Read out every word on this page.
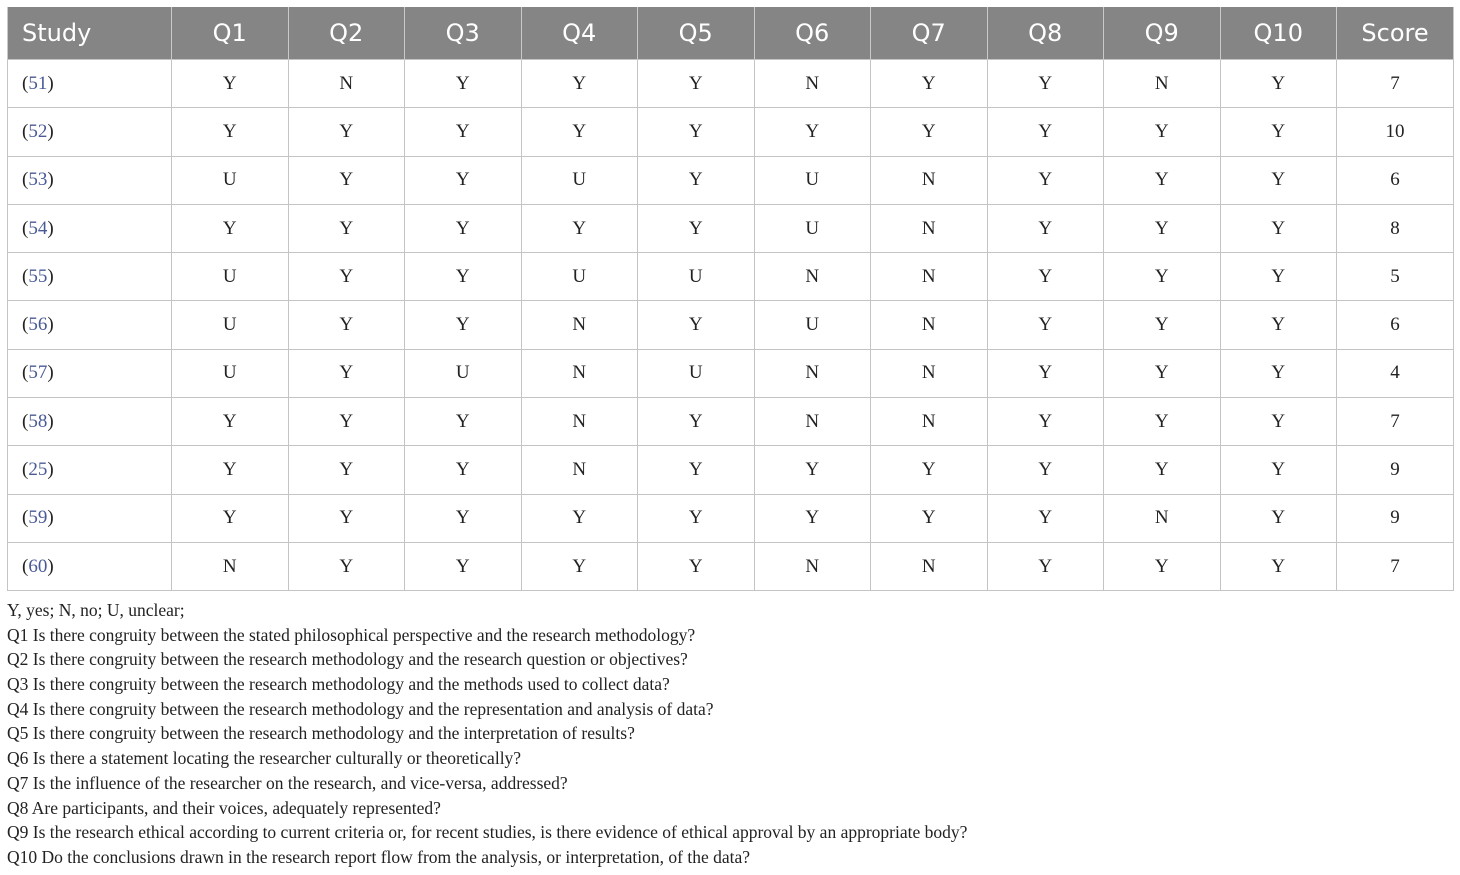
Study	Q1	Q2	Q3	Q4	Q5	Q6	Q7	Q8	Q9	Q10	Score
(51)	Y	N	Y	Y	Y	N	Y	Y	N	Y	7
(52)	Y	Y	Y	Y	Y	Y	Y	Y	Y	Y	10
(53)	U	Y	Y	U	Y	U	N	Y	Y	Y	6
(54)	Y	Y	Y	Y	Y	U	N	Y	Y	Y	8
(55)	U	Y	Y	U	U	N	N	Y	Y	Y	5
(56)	U	Y	Y	N	Y	U	N	Y	Y	Y	6
(57)	U	Y	U	N	U	N	N	Y	Y	Y	4
(58)	Y	Y	Y	N	Y	N	N	Y	Y	Y	7
(25)	Y	Y	Y	N	Y	Y	Y	Y	Y	Y	9
(59)	Y	Y	Y	Y	Y	Y	Y	Y	N	Y	9
(60)	N	Y	Y	Y	Y	N	N	Y	Y	Y	7
Y, yes; N, no; U, unclear;
Q1 Is there congruity between the stated philosophical perspective and the research methodology?
Q2 Is there congruity between the research methodology and the research question or objectives?
Q3 Is there congruity between the research methodology and the methods used to collect data?
Q4 Is there congruity between the research methodology and the representation and analysis of data?
Q5 Is there congruity between the research methodology and the interpretation of results?
Q6 Is there a statement locating the researcher culturally or theoretically?
Q7 Is the influence of the researcher on the research, and vice-versa, addressed?
Q8 Are participants, and their voices, adequately represented?
Q9 Is the research ethical according to current criteria or, for recent studies, is there evidence of ethical approval by an appropriate body?
Q10 Do the conclusions drawn in the research report flow from the analysis, or interpretation, of the data?
